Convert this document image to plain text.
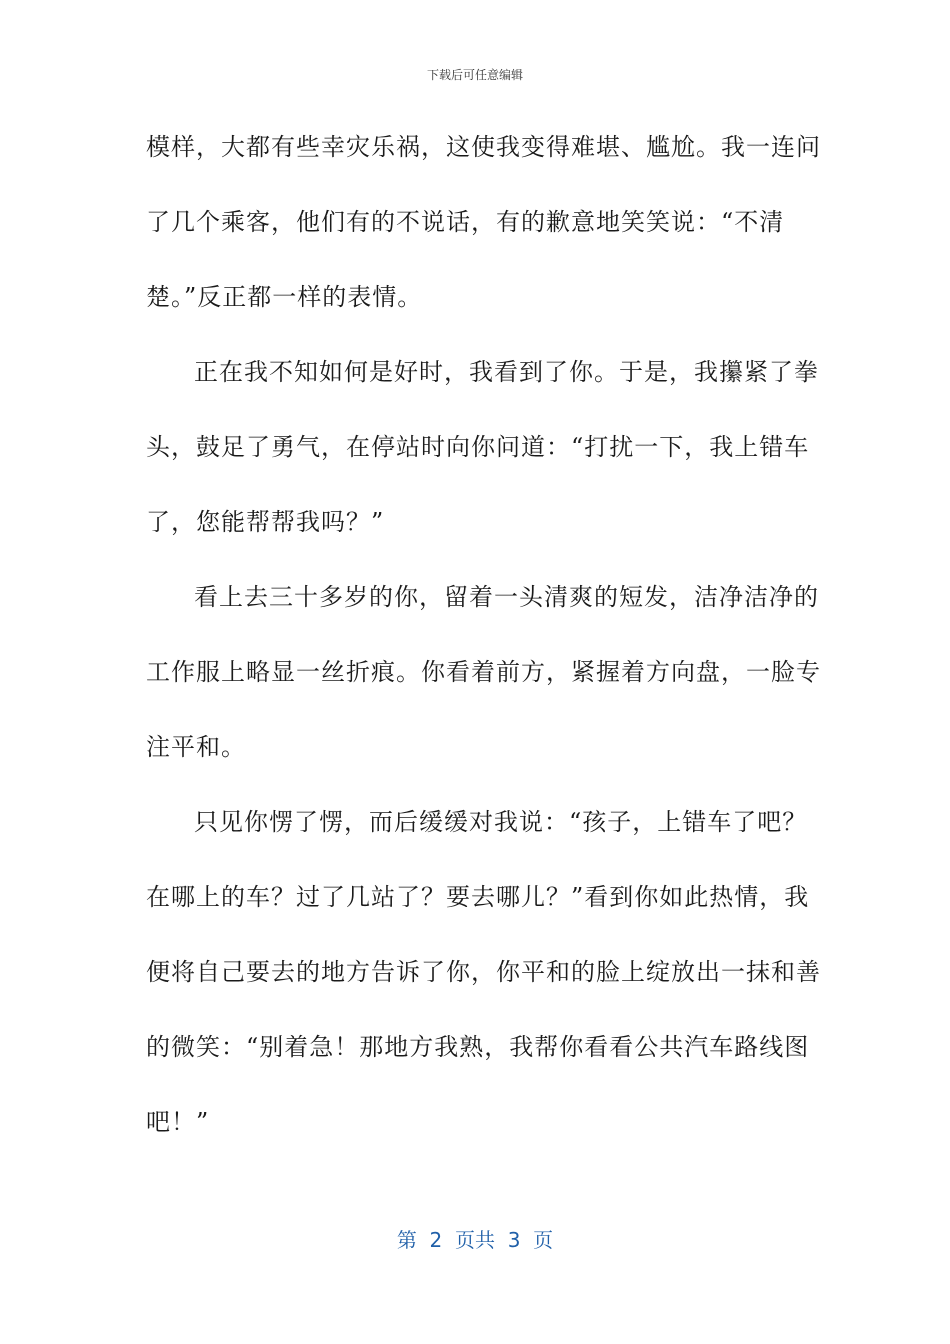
下载后可任意编辑
模样，大都有些幸灾乐祸，这使我变得难堪、尴尬。我一连问
了几个乘客，他们有的不说话，有的歉意地笑笑说：“不清
楚。”反正都一样的表情。
正在我不知如何是好时，我看到了你。于是，我攥紧了拳
头，鼓足了勇气，在停站时向你问道：“打扰一下，我上错车
了，您能帮帮我吗？”
看上去三十多岁的你，留着一头清爽的短发，洁净洁净的
工作服上略显一丝折痕。你看着前方，紧握着方向盘，一脸专
注平和。
只见你愣了愣，而后缓缓对我说：“孩子，上错车了吧？
在哪上的车？过了几站了？要去哪儿？”看到你如此热情，我
便将自己要去的地方告诉了你，你平和的脸上绽放出一抹和善
的微笑：“别着急！那地方我熟，我帮你看看公共汽车路线图
吧！”
第  2  页共  3  页
